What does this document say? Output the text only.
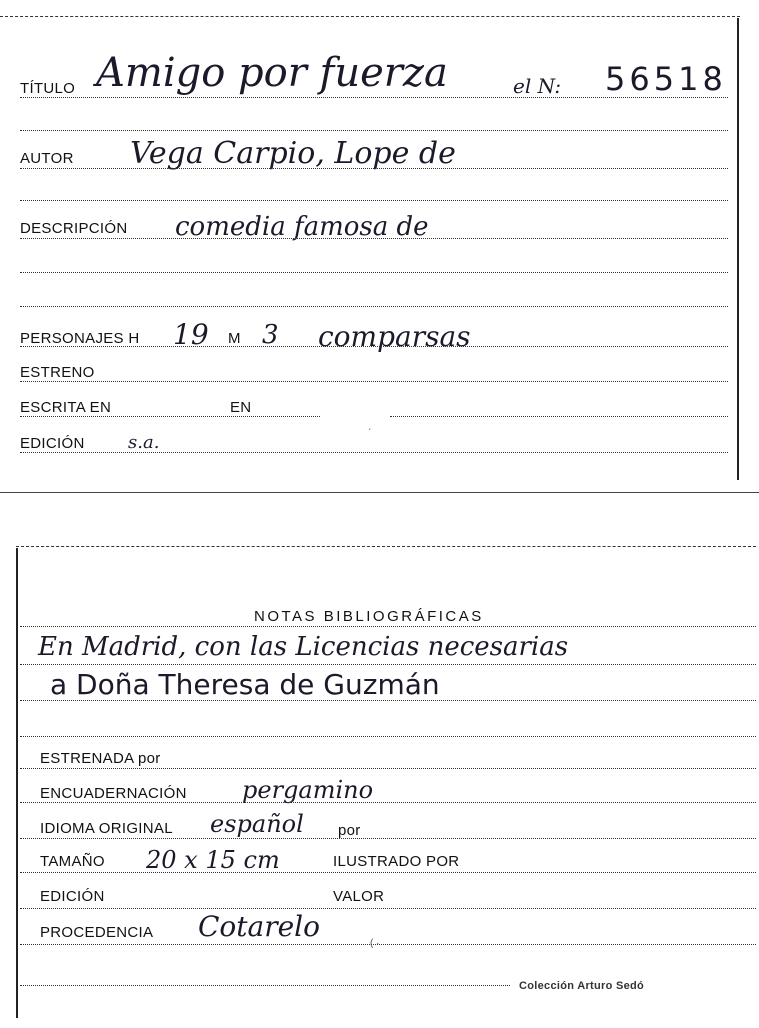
TÍTULO Amigo por fuerza	el N: 56518
AUTOR Vega Carpio, Lope de
DESCRIPCIÓN comedia famosa de
PERSONAJES H 19 M 3 comparsas
ESTRENO
ESCRITA EN	EN
EDICIÓN s.a.	ˊ
NOTAS BIBLIOGRÁFICAS
En Madrid, con las Licencias necesarias
a Doña Theresa de Guzmán
ESTRENADA por
ENCUADERNACIÓN pergamino
IDIOMA ORIGINAL español por
TAMAÑO 20 x 15 cm	ILUSTRADO POR
EDICIÓN	VALOR
PROCEDENCIA Cotarelo
( ·
Colección Arturo Sedó
